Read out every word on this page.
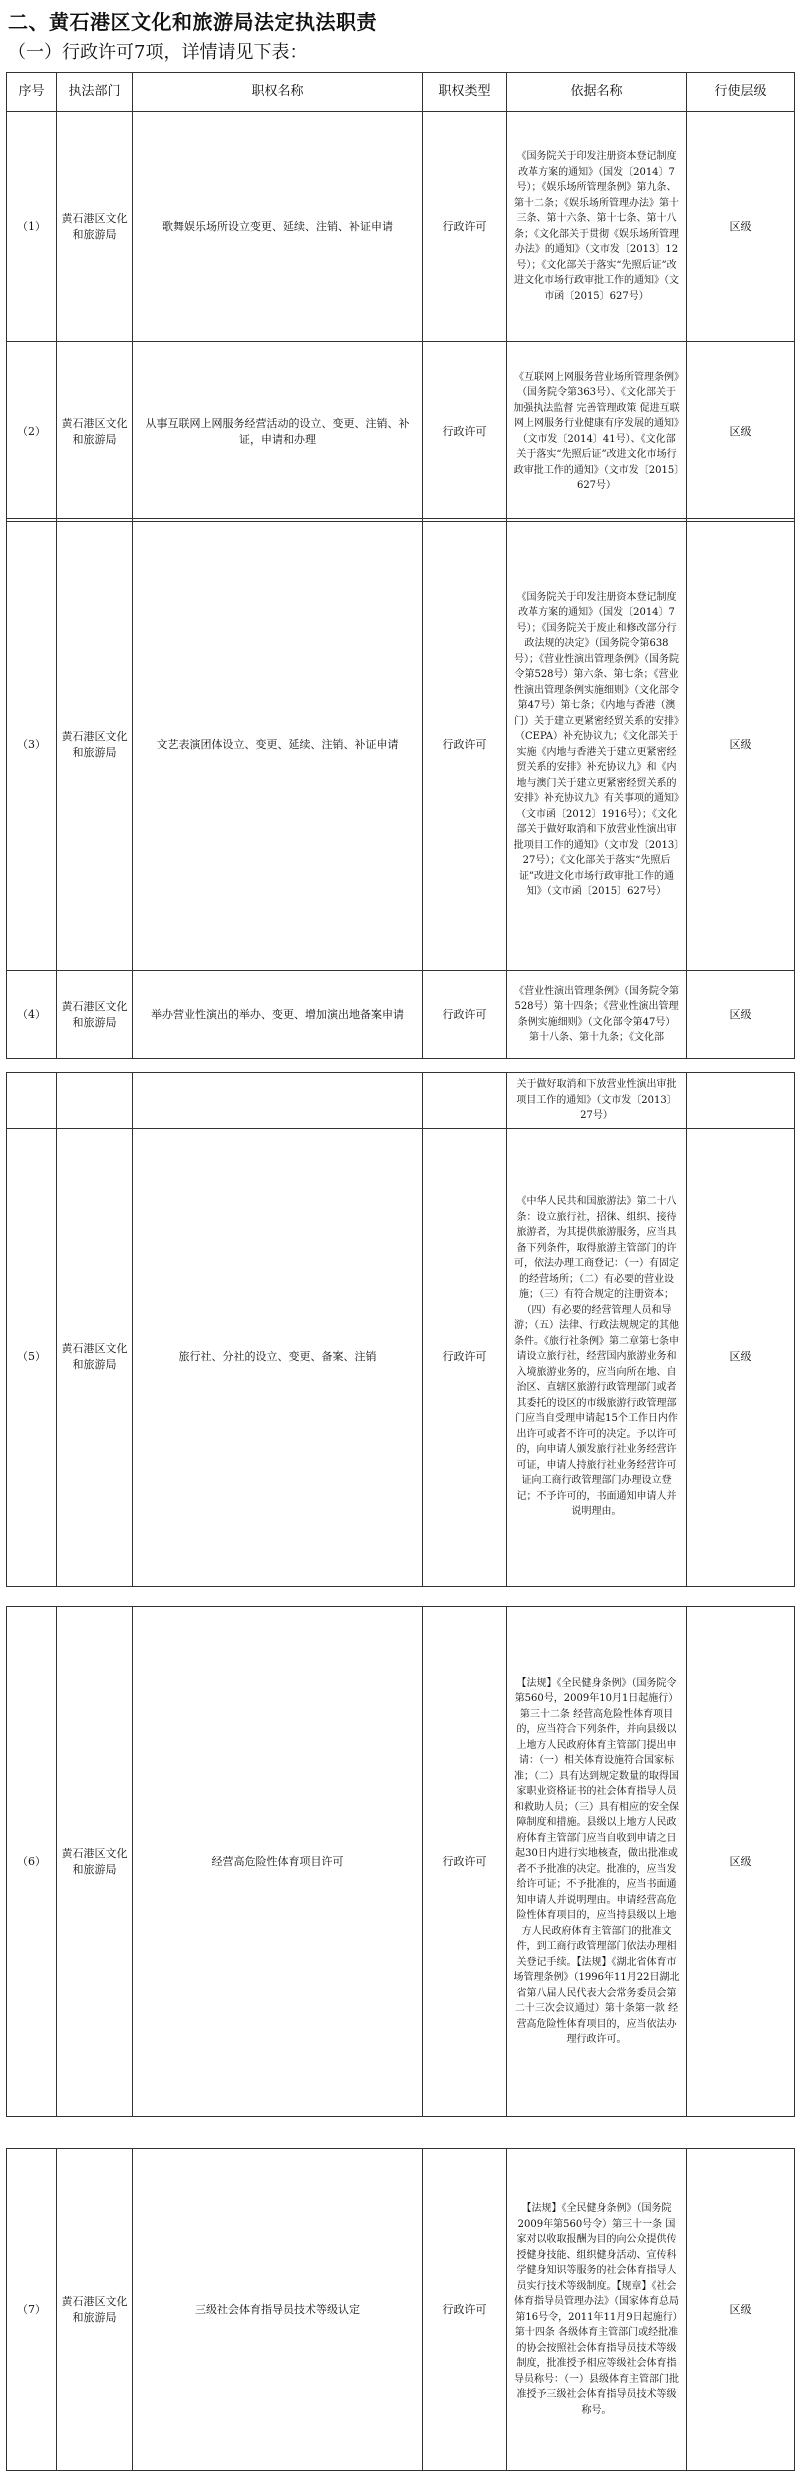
二、黄石港区文化和旅游局法定执法职责
（一）行政许可7项，详情请见下表：
序号	执法部门	职权名称	职权类型	依据名称	行使层级
（1）	黄石港区文化和旅游局	歌舞娱乐场所设立变更、延续、注销、补证申请	行政许可	《国务院关于印发注册资本登记制度改革方案的通知》（国发〔2014〕7号）；《娱乐场所管理条例》第九条、第十二条；《娱乐场所管理办法》第十三条、第十六条、第十七条、第十八条；《文化部关于贯彻《娱乐场所管理办法》的通知》（文市发〔2013〕12号）；《文化部关于落实“先照后证”改进文化市场行政审批工作的通知》（文市函〔2015〕627号）	区级
（2）	黄石港区文化和旅游局	从事互联网上网服务经营活动的设立、变更、注销、补证，申请和办理	行政许可	《互联网上网服务营业场所管理条例》（国务院令第363号）、《文化部关于加强执法监督 完善管理政策 促进互联网上网服务行业健康有序发展的通知》（文市发〔2014〕41号）、《文化部关于落实“先照后证”改进文化市场行政审批工作的通知》（文市发〔2015〕627号）	区级
（3）	黄石港区文化和旅游局	文艺表演团体设立、变更、延续、注销、补证申请	行政许可	《国务院关于印发注册资本登记制度改革方案的通知》（国发〔2014〕7号）；《国务院关于废止和修改部分行政法规的决定》（国务院令第638号）；《营业性演出管理条例》（国务院令第528号）第六条、第七条；《营业性演出管理条例实施细则》（文化部令第47号）第七条；《内地与香港（澳门）关于建立更紧密经贸关系的安排》（CEPA）补充协议九；《文化部关于实施《内地与香港关于建立更紧密经贸关系的安排》补充协议九》和《内地与澳门关于建立更紧密经贸关系的安排》补充协议九》有关事项的通知》（文市函〔2012〕1916号）；《文化部关于做好取消和下放营业性演出审批项目工作的通知》（文市发〔2013〕27号）；《文化部关于落实“先照后证”改进文化市场行政审批工作的通知》（文市函〔2015〕627号）	区级
（4）	黄石港区文化和旅游局	举办营业性演出的举办、变更、增加演出地备案申请	行政许可	《营业性演出管理条例》（国务院令第528号）第十四条；《营业性演出管理条例实施细则》（文化部令第47号）第十八条、第十九条；《文化部	区级
				关于做好取消和下放营业性演出审批项目工作的通知》（文市发〔2013〕27号）	
（5）	黄石港区文化和旅游局	旅行社、分社的设立、变更、备案、注销	行政许可	《中华人民共和国旅游法》第二十八条：设立旅行社，招徕、组织、接待旅游者，为其提供旅游服务，应当具备下列条件，取得旅游主管部门的许可，依法办理工商登记：（一）有固定的经营场所；（二）有必要的营业设施；（三）有符合规定的注册资本；（四）有必要的经营管理人员和导游；（五）法律、行政法规规定的其他条件。《旅行社条例》第二章第七条申请设立旅行社，经营国内旅游业务和入境旅游业务的，应当向所在地、自治区、直辖区旅游行政管理部门或者其委托的设区的市级旅游行政管理部门应当自受理申请起15个工作日内作出许可或者不许可的决定。予以许可的，向申请人颁发旅行社业务经营许可证，申请人持旅行社业务经营许可证向工商行政管理部门办理设立登记；不予许可的，书面通知申请人并说明理由。	区级
（6）	黄石港区文化和旅游局	经营高危险性体育项目许可	行政许可	【法规】《全民健身条例》（国务院令第560号，2009年10月1日起施行）第三十二条 经营高危险性体育项目的，应当符合下列条件，并向县级以上地方人民政府体育主管部门提出申请：（一）相关体育设施符合国家标准；（二）具有达到规定数量的取得国家职业资格证书的社会体育指导人员和救助人员；（三）具有相应的安全保障制度和措施。县级以上地方人民政府体育主管部门应当自收到申请之日起30日内进行实地核查，做出批准或者不予批准的决定。批准的，应当发给许可证；不予批准的，应当书面通知申请人并说明理由。申请经营高危险性体育项目的，应当持县级以上地方人民政府体育主管部门的批准文件，到工商行政管理部门依法办理相关登记手续。【法规】《湖北省体育市场管理条例》（1996年11月22日湖北省第八届人民代表大会常务委员会第二十三次会议通过）第十条第一款 经营高危险性体育项目的，应当依法办理行政许可。	区级
（7）	黄石港区文化和旅游局	三级社会体育指导员技术等级认定	行政许可	【法规】《全民健身条例》（国务院2009年第560号令）第三十一条 国家对以收取报酬为目的向公众提供传授健身技能、组织健身活动、宣传科学健身知识等服务的社会体育指导人员实行技术等级制度。【规章】《社会体育指导员管理办法》（国家体育总局第16号令，2011年11月9日起施行）第十四条 各级体育主管部门或经批准的协会按照社会体育指导员技术等级制度，批准授予相应等级社会体育指导员称号：（一）县级体育主管部门批准授予三级社会体育指导员技术等级称号。	区级
